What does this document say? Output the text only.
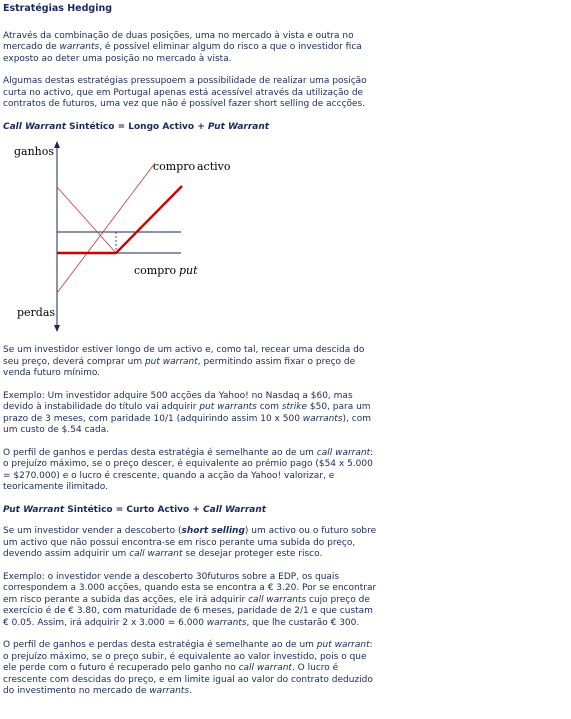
Estratégias Hedging

Através da combinação de duas posições, uma no mercado à vista e outra no mercado de warrants, é possível eliminar algum do risco a que o investidor fica exposto ao deter uma posição no mercado à vista.

Algumas destas estratégias pressupoem a possibilidade de realizar uma posição curta no activo, que em Portugal apenas está acessível através da utilização de contratos de futuros, uma vez que não é possível fazer short selling de accções.

Call Warrant Sintético = Longo Activo + Put Warrant
ganhos
perdas
compro activo
compro put

Se um investidor estiver longo de um activo e, como tal, recear uma descida do seu preço, deverá comprar um put warrant, permitindo assim fixar o preço de venda futuro mínimo.

Exemplo: Um investidor adquire 500 acções da Yahoo! no Nasdaq a $60, mas devido à instabilidade do título vai adquirir put warrants com strike $50, para um prazo de 3 meses, com paridade 10/1 (adquirindo assim 10 x 500 warrants), com um custo de $.54 cada.

O perfil de ganhos e perdas desta estratégia é semelhante ao de um call warrant: o prejuízo máximo, se o preço descer, é equivalente ao prémio pago ($54 x 5.000 = $270.000) e o lucro é crescente, quando a acção da Yahoo! valorizar, e teoricamente ilimitado.

Put Warrant Sintético = Curto Activo + Call Warrant

Se um investidor vender a descoberto (short selling) um activo ou o futuro sobre um activo que não possui encontra-se em risco perante uma subida do preço, devendo assim adquirir um call warrant se desejar proteger este risco.

Exemplo: o investidor vende a descoberto 30futuros sobre a EDP, os quais correspondem a 3.000 acções, quando esta se encontra a € 3.20. Por se encontrar em risco perante a subida das acções, ele irá adquirir call warrants cujo preço de exercício é de € 3.80, com maturidade de 6 meses, paridade de 2/1 e que custam € 0.05. Assim, irá adquirir 2 x 3.000 = 6.000 warrants, que lhe custarão € 300.

O perfil de ganhos e perdas desta estratégia é semelhante ao de um put warrant: o prejuízo máximo, se o preço subir, é equivalente ao valor investido, pois o que ele perde com o futuro é recuperado pelo ganho no call warrant. O lucro é crescente com descidas do preço, e em limite igual ao valor do contrato deduzido do investimento no mercado de warrants.
